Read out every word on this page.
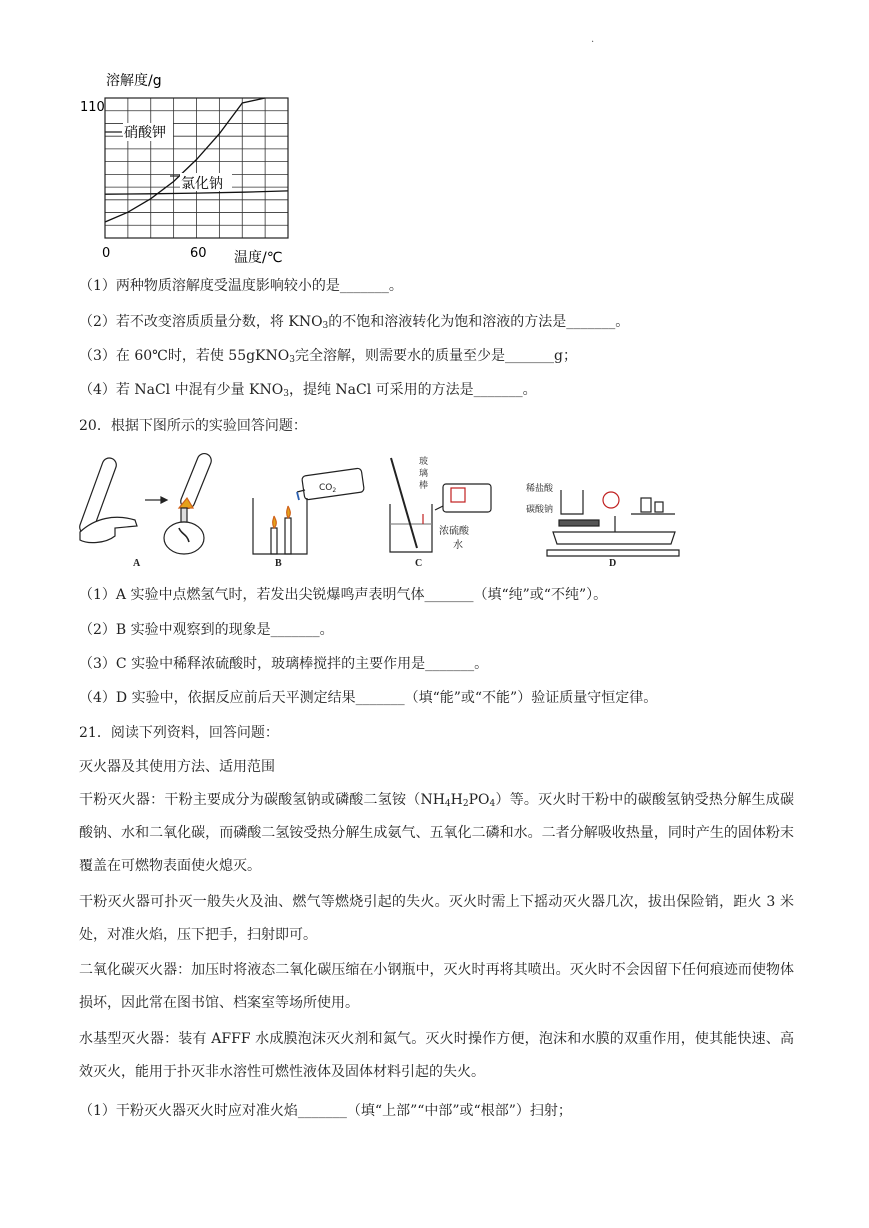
.
溶解度/g
110
0	60 温度/℃
硝酸钾
氯化钠
（1）两种物质溶解度受温度影响较小的是_______。
（2）若不改变溶质质量分数，将 $KNO_3$的不饱和溶液转化为饱和溶液的方法是_______。
（3）在 60℃时，若使 55gKNO$_3$完全溶解，则需要水的质量至少是_______g；
（4）若 NaCl 中混有少量 $KNO_3$，提纯 NaCl 可采用的方法是_______。
20．根据下图所示的实验回答问题：
A
$CO_2$
B
玻
璃
棒
浓硫酸
水
C
稀盐酸
碳酸钠
D
（1）A 实验中点燃氢气时，若发出尖锐爆鸣声表明气体_______（填“纯”或“不纯”）。
（2）B 实验中观察到的现象是_______。
（3）C 实验中稀释浓硫酸时，玻璃棒搅拌的主要作用是_______。
（4）D 实验中，依据反应前后天平测定结果_______（填“能”或“不能”）验证质量守恒定律。
21．阅读下列资料，回答问题：
灭火器及其使用方法、适用范围
干粉灭火器：干粉主要成分为碳酸氢钠或磷酸二氢铵$(NH_4H_2PO_4)$等。灭火时干粉中的碳酸氢钠受热分解生成碳酸钠、水和二氧化碳，而磷酸二氢铵受热分解生成氨气、五氧化二磷和水。二者分解吸收热量，同时产生的固体粉末覆盖在可燃物表面使火熄灭。
干粉灭火器可扑灭一般失火及油、燃气等燃烧引起的失火。灭火时需上下摇动灭火器几次，拔出保险销，距火 3 米处，对准火焰，压下把手，扫射即可。
二氧化碳灭火器：加压时将液态二氧化碳压缩在小钢瓶中，灭火时再将其喷出。灭火时不会因留下任何痕迹而使物体损坏，因此常在图书馆、档案室等场所使用。
水基型灭火器：装有 AFFF 水成膜泡沫灭火剂和氮气。灭火时操作方便，泡沫和水膜的双重作用，使其能快速、高效灭火，能用于扑灭非水溶性可燃性液体及固体材料引起的失火。
（1）干粉灭火器灭火时应对准火焰_______（填“上部”“中部”或“根部”）扫射；
